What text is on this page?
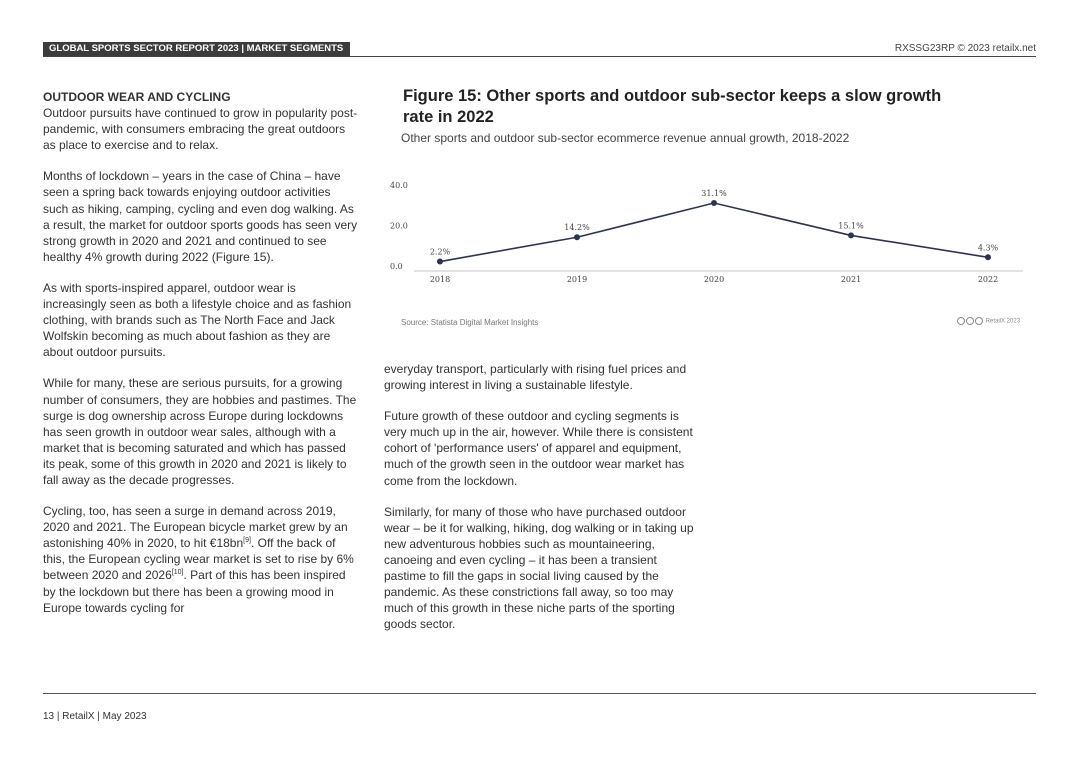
GLOBAL SPORTS SECTOR REPORT 2023 | MARKET SEGMENTS	RXSSG23RP © 2023 retailx.net

OUTDOOR WEAR AND CYCLING
Outdoor pursuits have continued to grow in popularity post-pandemic, with consumers embracing the great outdoors as place to exercise and to relax.

Months of lockdown – years in the case of China – have seen a spring back towards enjoying outdoor activities such as hiking, camping, cycling and even dog walking. As a result, the market for outdoor sports goods has seen very strong growth in 2020 and 2021 and continued to see healthy 4% growth during 2022 (Figure 15).

As with sports-inspired apparel, outdoor wear is increasingly seen as both a lifestyle choice and as fashion clothing, with brands such as The North Face and Jack Wolfskin becoming as much about fashion as they are about outdoor pursuits.

While for many, these are serious pursuits, for a growing number of consumers, they are hobbies and pastimes. The surge is dog ownership across Europe during lockdowns has seen growth in outdoor wear sales, although with a market that is becoming saturated and which has passed its peak, some of this growth in 2020 and 2021 is likely to fall away as the decade progresses.

Cycling, too, has seen a surge in demand across 2019, 2020 and 2021. The European bicycle market grew by an astonishing 40% in 2020, to hit €18bn[9]. Off the back of this, the European cycling wear market is set to rise by 6% between 2020 and 2026[10]. Part of this has been inspired by the lockdown but there has been a growing mood in Europe towards cycling for

Figure 15: Other sports and outdoor sub-sector keeps a slow growth rate in 2022
Other sports and outdoor sub-sector ecommerce revenue annual growth, 2018-2022
0.0
20.0
40.0
2018	2019	2020	2021	2022
2.2%
14.2%
31.1%
15.1%
4.3%
Source: Statista Digital Market Insights	RetailX 2023

everyday transport, particularly with rising fuel prices and growing interest in living a sustainable lifestyle.

Future growth of these outdoor and cycling segments is very much up in the air, however. While there is consistent cohort of 'performance users' of apparel and equipment, much of the growth seen in the outdoor wear market has come from the lockdown.

Similarly, for many of those who have purchased outdoor wear – be it for walking, hiking, dog walking or in taking up new adventurous hobbies such as mountaineering, canoeing and even cycling – it has been a transient pastime to fill the gaps in social living caused by the pandemic. As these constrictions fall away, so too may much of this growth in these niche parts of the sporting goods sector.

13 | RetailX | May 2023
